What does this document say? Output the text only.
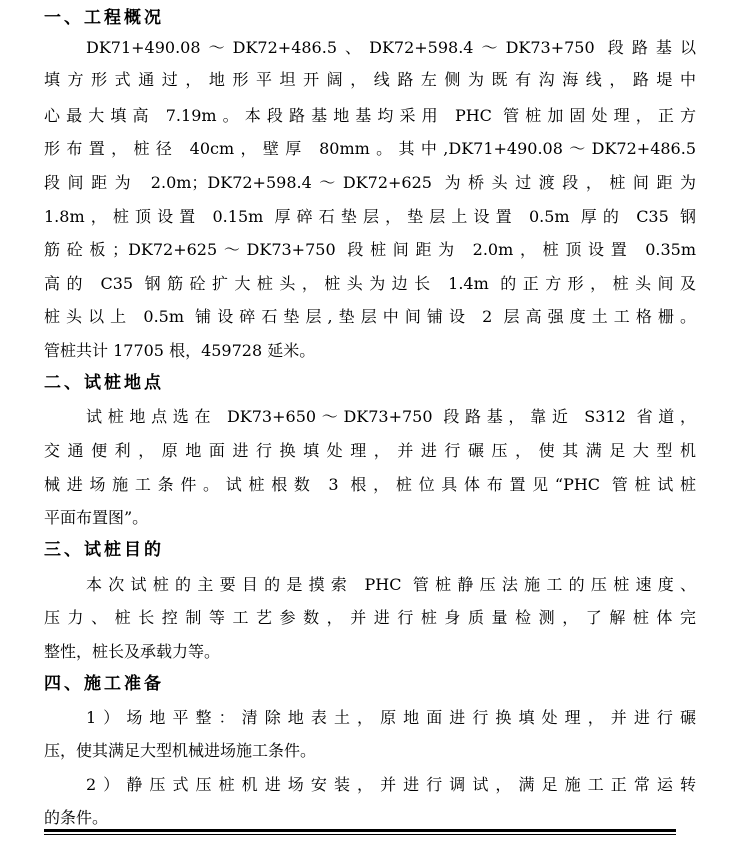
一、工程概况

DK71+490.08～DK72+486.5、DK72+598.4～DK73+750 段路基以

填方形式通过，地形平坦开阔，线路左侧为既有沟海线，路堤中

心最大填高 7.19m。本段路基地基均采用 PHC 管桩加固处理，正方

形布置，桩径 40cm，壁厚 80mm。其中,DK71+490.08～DK72+486.5

段间距为 2.0m；DK72+598.4～DK72+625 为桥头过渡段，桩间距为

1.8m，桩顶设置 0.15m 厚碎石垫层，垫层上设置 0.5m 厚的 C35 钢

筋砼板；DK72+625～DK73+750 段桩间距为 2.0m，桩顶设置 0.35m

高的 C35 钢筋砼扩大桩头，桩头为边长 1.4m 的正方形，桩头间及

桩头以上 0.5m 铺设碎石垫层,垫层中间铺设 2 层高强度土工格栅。

管桩共计 17705 根，459728 延米。

二、试桩地点

试桩地点选在 DK73+650～DK73+750 段路基，靠近 S312 省道，

交通便利，原地面进行换填处理，并进行碾压，使其满足大型机

械进场施工条件。试桩根数 3 根，桩位具体布置见“PHC 管桩试桩

平面布置图”。

三、试桩目的

本次试桩的主要目的是摸索 PHC 管桩静压法施工的压桩速度、

压力、桩长控制等工艺参数，并进行桩身质量检测，了解桩体完

整性，桩长及承载力等。

四、施工准备

1）场地平整：清除地表土，原地面进行换填处理，并进行碾

压，使其满足大型机械进场施工条件。

2）静压式压桩机进场安装，并进行调试，满足施工正常运转

的条件。
